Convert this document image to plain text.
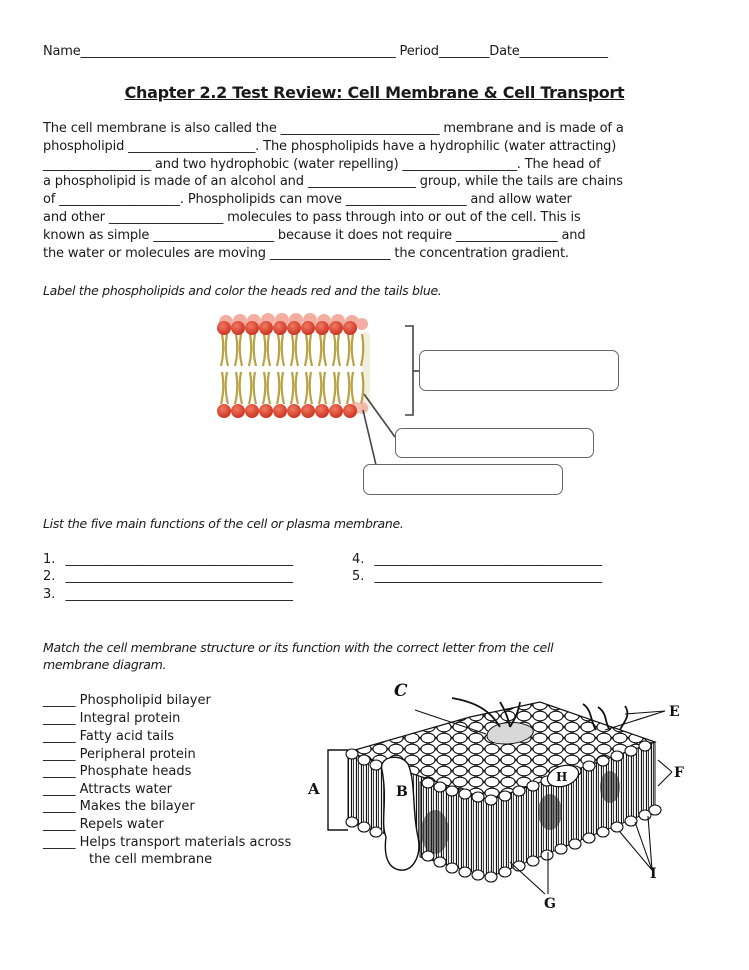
Name__________________________________________________ Period________Date______________
Chapter 2.2 Test Review: Cell Membrane & Cell Transport
The cell membrane is also called the _________________________ membrane and is made of a
phospholipid ____________________. The phospholipids have a hydrophilic (water attracting)
_________________ and two hydrophobic (water repelling) __________________. The head of
a phospholipid is made of an alcohol and _________________ group, while the tails are chains
of ___________________. Phospholipids can move ___________________ and allow water
and other __________________ molecules to pass through into or out of the cell. This is
known as simple ___________________ because it does not require ________________ and
the water or molecules are moving ___________________ the concentration gradient.
Label the phospholipids and color the heads red and the tails blue.
List the five main functions of the cell or plasma membrane.
1. ___________________________________
2. ___________________________________
3. ___________________________________
4. ___________________________________
5. ___________________________________
Match the cell membrane structure or its function with the correct letter from the cell
membrane diagram.
_____ Phospholipid bilayer
_____ Integral protein
_____ Fatty acid tails
_____ Peripheral protein
_____ Phosphate heads
_____ Attracts water
_____ Makes the bilayer
_____ Repels water
_____ Helps transport materials across
the cell membrane
A	B
C
E
F
G
H
I
